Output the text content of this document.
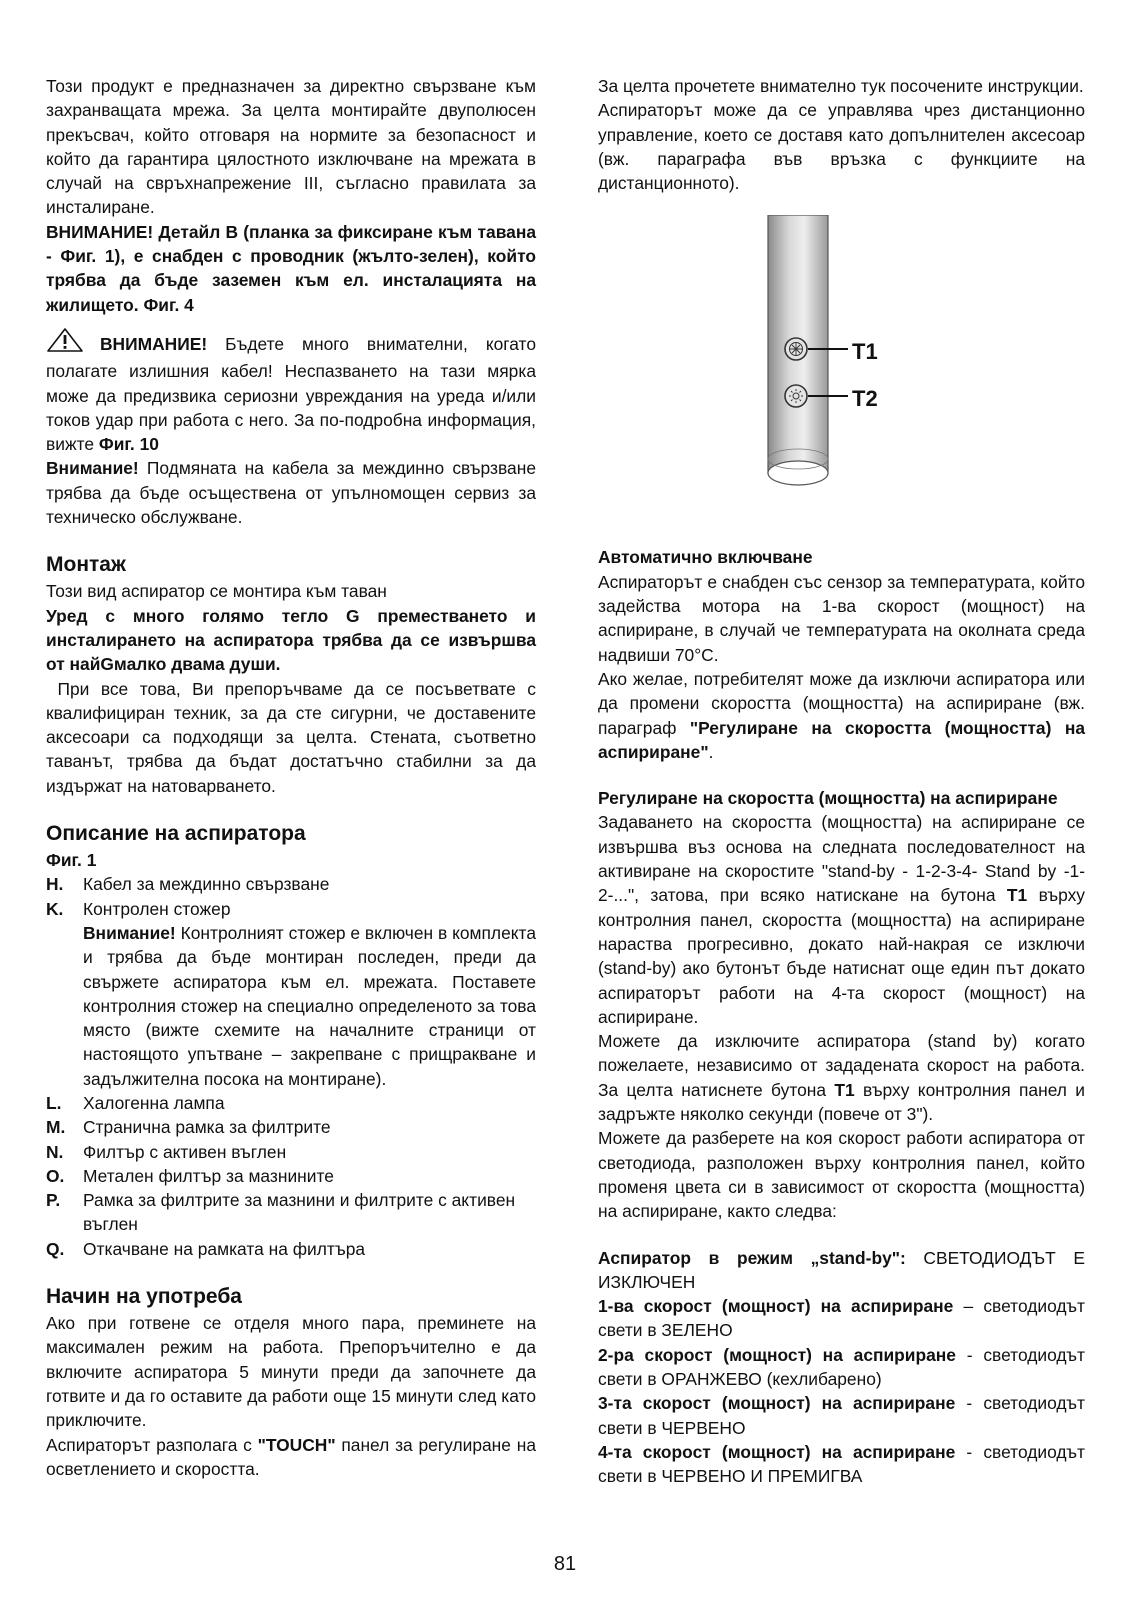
Този продукт е предназначен за директно свързване към захранващата мрежа. За целта монтирайте двуполюсен прекъсвач, който отговаря на нормите за безопасност и който да гарантира цялостното изключване на мрежата в случай на свръхнапрежение III, съгласно правилата за инсталиране.

ВНИМАНИЕ! Детайл B (планка за фиксиране към тавана - Фиг. 1), е снабден с проводник (жълто-зелен), който трябва да бъде заземен към ел. инсталацията на жилището. Фиг. 4

ВНИМАНИЕ! Бъдете много внимателни, когато полагате излишния кабел! Неспазването на тази мярка може да предизвика сериозни увреждания на уреда и/или токов удар при работа с него. За по-подробна информация, вижте Фиг. 10

Внимание! Подмяната на кабела за междинно свързване трябва да бъде осъществена от упълномощен сервиз за техническо обслужване.

Монтаж

Този вид аспиратор се монтира към таван

Уред с много голямо тегло G преместването и инсталирането на аспиратора трябва да се извършва от найGмалко двама души.

При все това, Ви препоръчваме да се посъветвате с квалифициран техник, за да сте сигурни, че доставените аксесоари са подходящи за целта. Стената, съответно таванът, трябва да бъдат достатъчно стабилни за да издържат на натоварването.

Описание на аспиратора

Фиг. 1

H.	Кабел за междинно свързване
K.	Контролен стожер

Внимание! Контролният стожер е включен в комплекта и трябва да бъде монтиран последен, преди да свържете аспиратора към ел. мрежата. Поставете контролния стожер на специално определеното за това място (вижте схемите на началните страници от настоящото упътване – закрепване с прищракване и задължителна посока на монтиране).

L.	Халогенна лампа
M.	Странична рамка за филтрите
N.	Филтър с активен въглен
O.	Метален филтър за мазнините
P.	Рамка за филтрите за мазнини и филтрите с активен въглен
Q.	Откачване на рамката на филтъра
Начин на употреба

Ако при готвене се отделя много пара, преминете на максимален режим на работа. Препоръчително е да включите аспиратора 5 минути преди да започнете да готвите и да го оставите да работи още 15 минути след като приключите.

Аспираторът разполага с "TOUCH" панел за регулиране на осветлението и скоростта.

За целта прочетете внимателно тук посочените инструкции.

Аспираторът може да се управлява чрез дистанционно управление, което се доставя като допълнителен аксесоар (вж. параграфа във връзка с функциите на дистанционното).

T1
T2

Автоматично включване

Аспираторът е снабден със сензор за температурата, който задейства мотора на 1-ва скорост (мощност) на аспириране, в случай че температурата на околната среда надвиши 70°C.

Ако желае, потребителят може да изключи аспиратора или да промени скоростта (мощността) на аспириране (вж. параграф "Регулиране на скоростта (мощността) на аспириране".

Регулиране на скоростта (мощността) на аспириране

Задаването на скоростта (мощността) на аспириране се извършва въз основа на следната последователност на активиране на скоростите "stand-by - 1-2-3-4- Stand by -1-2-...", затова, при всяко натискане на бутона T1 върху контролния панел, скоростта (мощността) на аспириране нараства прогресивно, докато най-накрая се изключи (stand-by) ако бутонът бъде натиснат още един път докато аспираторът работи на 4-та скорост (мощност) на аспириране.

Можете да изключите аспиратора (stand by) когато пожелаете, независимо от зададената скорост на работа. За целта натиснете бутона T1 върху контролния панел и задръжте няколко секунди (повече от 3").

Можете да разберете на коя скорост работи аспиратора от светодиода, разположен върху контролния панел, който променя цвета си в зависимост от скоростта (мощността) на аспириране, както следва:

Аспиратор в режим „stand-by": СВЕТОДИОДЪТ Е ИЗКЛЮЧЕН

1-ва скорост (мощност) на аспириране – светодиодът свети в ЗЕЛЕНО

2-ра скорост (мощност) на аспириране - светодиодът свети в ОРАНЖЕВО (кехлибарено)

3-та скорост (мощност) на аспириране - светодиодът свети в ЧЕРВЕНО

4-та скорост (мощност) на аспириране - светодиодът свети в ЧЕРВЕНО И ПРЕМИГВА

81
